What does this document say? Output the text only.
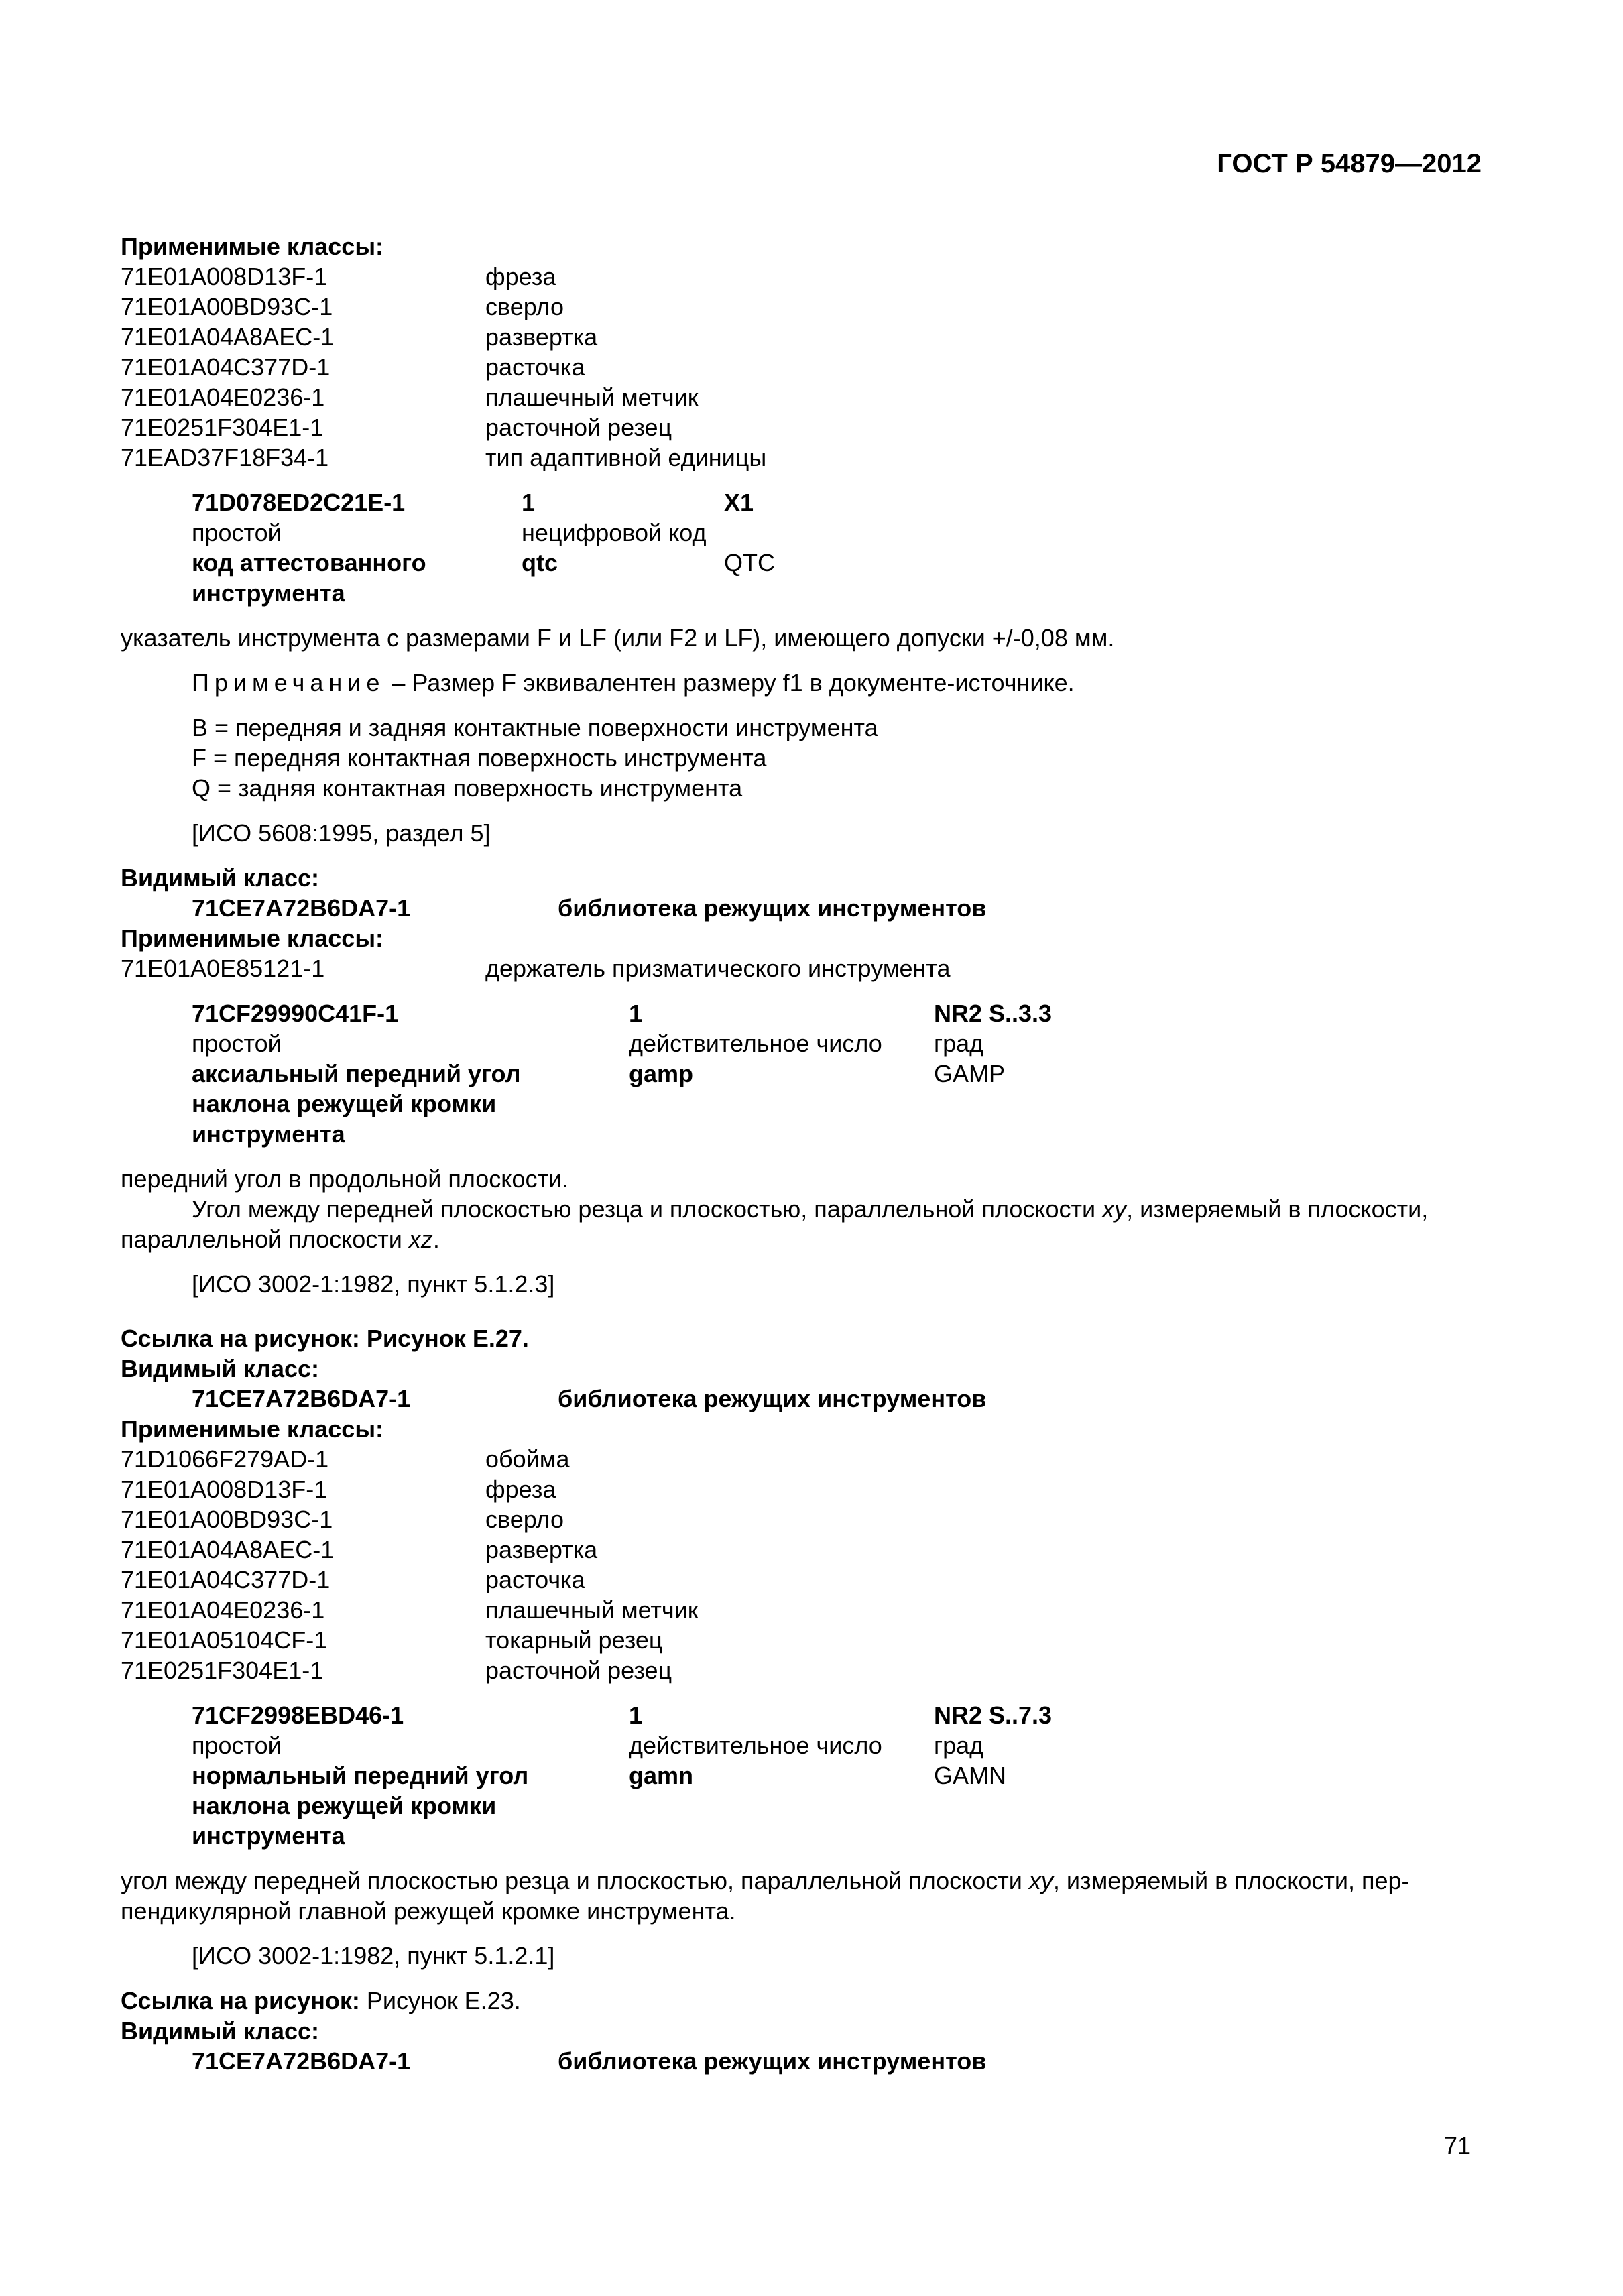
ГОСТ Р 54879—2012
Применимые классы:
71E01A008D13F-1	фреза
71E01A00BD93C-1	сверло
71E01A04A8AEC-1	развертка
71E01A04C377D-1	расточка
71E01A04E0236-1	плашечный метчик
71E0251F304E1-1	расточной резец
71EAD37F18F34-1	тип адаптивной единицы
71D078ED2C21E-1	1	X1
простой	нецифровой код
код аттестованного	qtc	QTC
инструмента
указатель инструмента с размерами F и LF (или F2 и LF), имеющего допуски +/-0,08 мм.
Примечание – Размер F эквивалентен размеру f1 в документе-источнике.
B = передняя и задняя контактные поверхности инструмента
F = передняя контактная поверхность инструмента
Q = задняя контактная поверхность инструмента
[ИСО 5608:1995, раздел 5]
Видимый класс:
71CE7A72B6DA7-1	библиотека режущих инструментов
Применимые классы:
71E01A0E85121-1	держатель призматического инструмента
71CF29990C41F-1	1	NR2 S..3.3
простой	действительное число	град
аксиальный передний угол	gamp	GAMP
наклона режущей кромки
инструмента
передний угол в продольной плоскости.
Угол между передней плоскостью резца и плоскостью, параллельной плоскости xy, измеряемый в плоскости,
параллельной плоскости xz.
[ИСО 3002-1:1982, пункт 5.1.2.3]
Ссылка на рисунок: Рисунок Е.27.
Видимый класс:
71CE7A72B6DA7-1	библиотека режущих инструментов
Применимые классы:
71D1066F279AD-1	обойма
71E01A008D13F-1	фреза
71E01A00BD93C-1	сверло
71E01A04A8AEC-1	развертка
71E01A04C377D-1	расточка
71E01A04E0236-1	плашечный метчик
71E01A05104CF-1	токарный резец
71E0251F304E1-1	расточной резец
71CF2998EBD46-1	1	NR2 S..7.3
простой	действительное число	град
нормальный передний угол	gamn	GAMN
наклона режущей кромки
инструмента
угол между передней плоскостью резца и плоскостью, параллельной плоскости xy, измеряемый в плоскости, пер-
пендикулярной главной режущей кромке инструмента.
[ИСО 3002-1:1982, пункт 5.1.2.1]
Ссылка на рисунок: Рисунок Е.23.
Видимый класс:
71CE7A72B6DA7-1	библиотека режущих инструментов
71
